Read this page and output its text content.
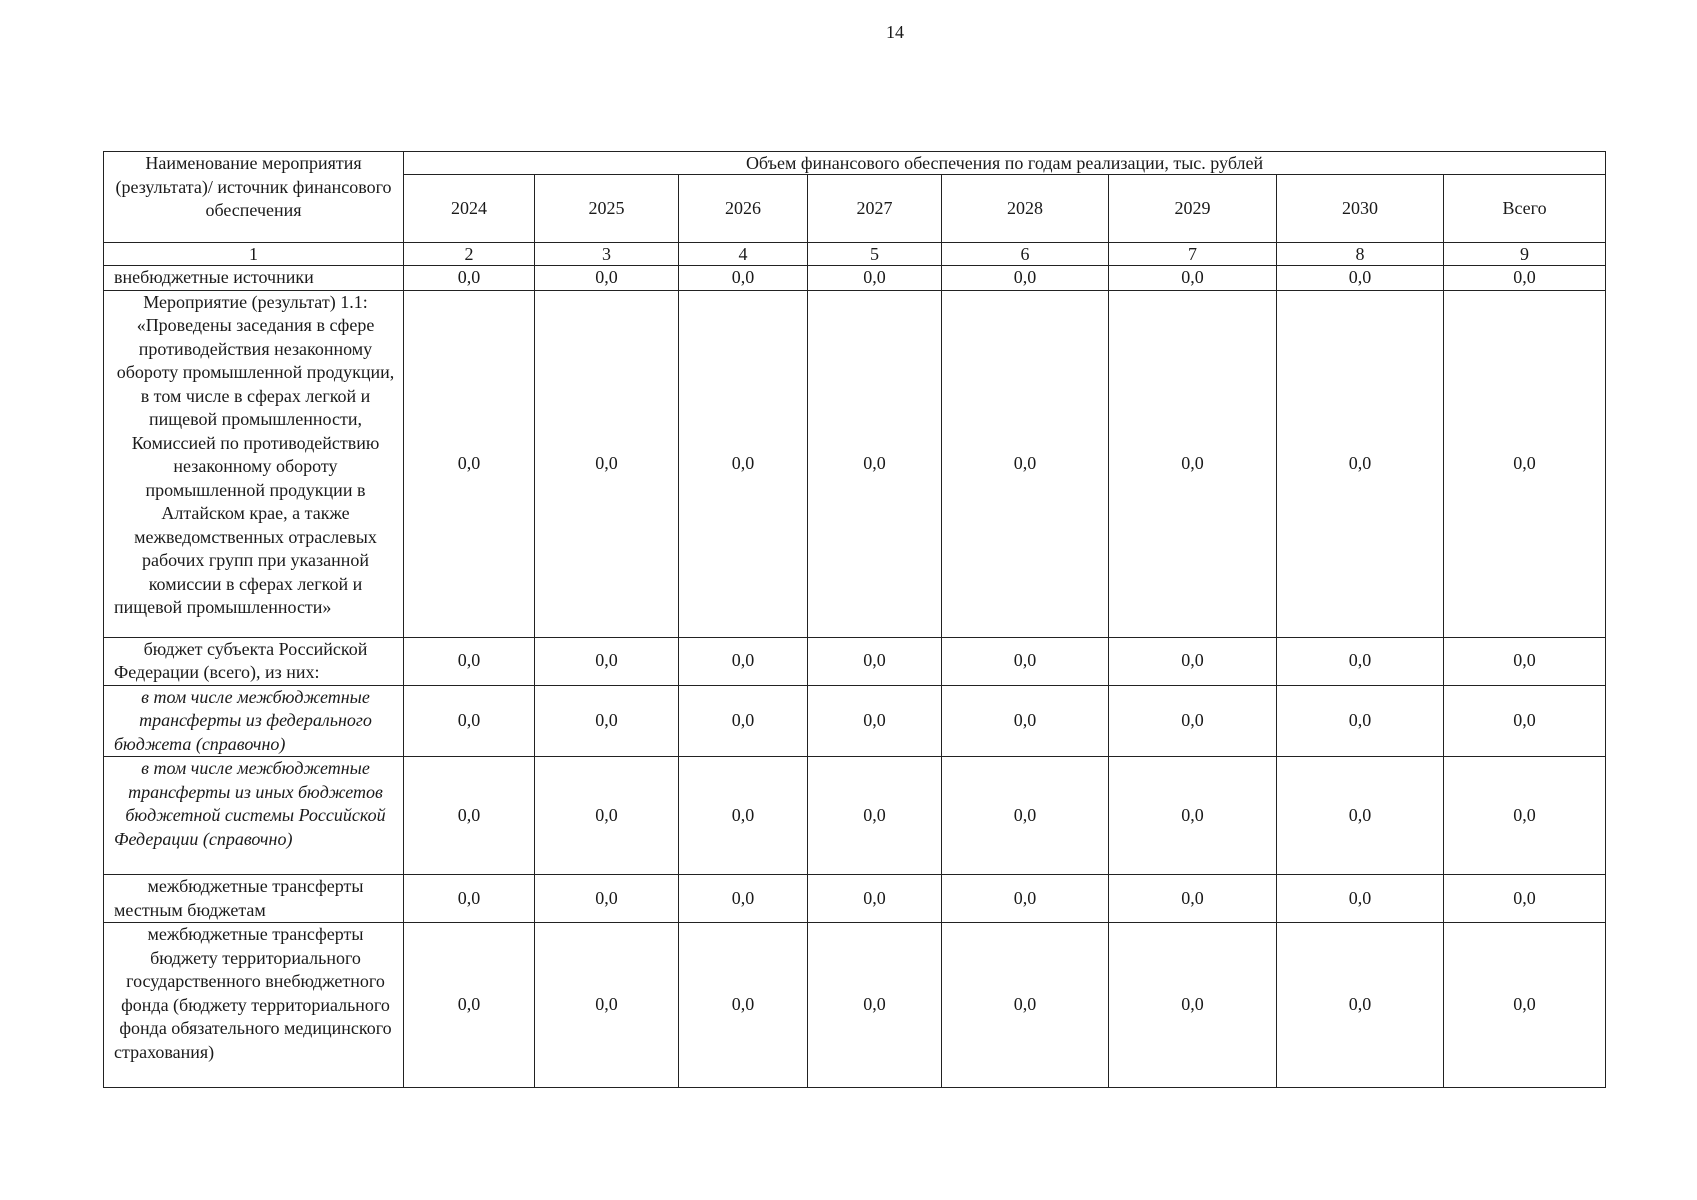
14
Наименование мероприятия (результата)/ источник финансового обеспечения	Объем финансового обеспечения по годам реализации, тыс. рублей							
	2024	2025	2026	2027	2028	2029	2030	Всего
1	2	3	4	5	6	7	8	9
внебюджетные источники	0,0	0,0	0,0	0,0	0,0	0,0	0,0	0,0
Мероприятие (результат) 1.1: «Проведены заседания в сфере противодействия незаконному обороту промышленной продукции, в том числе в сферах легкой и пищевой промышленности, Комиссией по противодействию незаконному обороту промышленной продукции в Алтайском крае, а также межведомственных отраслевых рабочих групп при указанной комиссии в сферах легкой и пищевой промышленности»	0,0	0,0	0,0	0,0	0,0	0,0	0,0	0,0
бюджет субъекта Российской Федерации (всего), из них:	0,0	0,0	0,0	0,0	0,0	0,0	0,0	0,0
в том числе межбюджетные трансферты из федерального бюджета (справочно)	0,0	0,0	0,0	0,0	0,0	0,0	0,0	0,0
в том числе межбюджетные трансферты из иных бюджетов бюджетной системы Российской Федерации (справочно)	0,0	0,0	0,0	0,0	0,0	0,0	0,0	0,0
межбюджетные трансферты местным бюджетам	0,0	0,0	0,0	0,0	0,0	0,0	0,0	0,0
межбюджетные трансферты бюджету территориального государственного внебюджетного фонда (бюджету территориального фонда обязательного медицинского страхования)	0,0	0,0	0,0	0,0	0,0	0,0	0,0	0,0
